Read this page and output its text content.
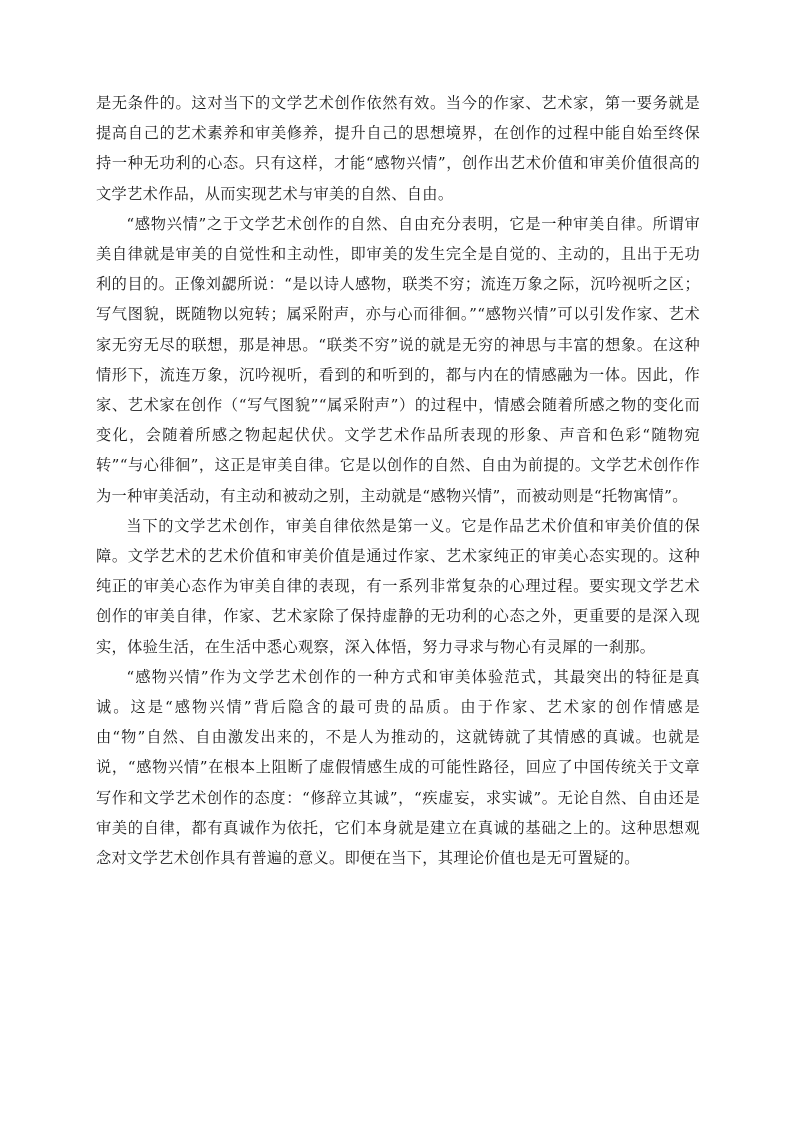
是无条件的。这对当下的文学艺术创作依然有效。当今的作家、艺术家，第一要务就是提高自己的艺术素养和审美修养，提升自己的思想境界，在创作的过程中能自始至终保持一种无功利的心态。只有这样，才能“感物兴情”，创作出艺术价值和审美价值很高的文学艺术作品，从而实现艺术与审美的自然、自由。

“感物兴情”之于文学艺术创作的自然、自由充分表明，它是一种审美自律。所谓审美自律就是审美的自觉性和主动性，即审美的发生完全是自觉的、主动的，且出于无功利的目的。正像刘勰所说：“是以诗人感物，联类不穷；流连万象之际，沉吟视听之区；写气图貌，既随物以宛转；属采附声，亦与心而徘徊。”“感物兴情”可以引发作家、艺术家无穷无尽的联想，那是神思。“联类不穷”说的就是无穷的神思与丰富的想象。在这种情形下，流连万象，沉吟视听，看到的和听到的，都与内在的情感融为一体。因此，作家、艺术家在创作（“写气图貌”“属采附声”）的过程中，情感会随着所感之物的变化而变化，会随着所感之物起起伏伏。文学艺术作品所表现的形象、声音和色彩“随物宛转”“与心徘徊”，这正是审美自律。它是以创作的自然、自由为前提的。文学艺术创作作为一种审美活动，有主动和被动之别，主动就是“感物兴情”，而被动则是“托物寓情”。

当下的文学艺术创作，审美自律依然是第一义。它是作品艺术价值和审美价值的保障。文学艺术的艺术价值和审美价值是通过作家、艺术家纯正的审美心态实现的。这种纯正的审美心态作为审美自律的表现，有一系列非常复杂的心理过程。要实现文学艺术创作的审美自律，作家、艺术家除了保持虚静的无功利的心态之外，更重要的是深入现实，体验生活，在生活中悉心观察，深入体悟，努力寻求与物心有灵犀的一刹那。

“感物兴情”作为文学艺术创作的一种方式和审美体验范式，其最突出的特征是真诚。这是“感物兴情”背后隐含的最可贵的品质。由于作家、艺术家的创作情感是由“物”自然、自由激发出来的，不是人为推动的，这就铸就了其情感的真诚。也就是说，“感物兴情”在根本上阻断了虚假情感生成的可能性路径，回应了中国传统关于文章写作和文学艺术创作的态度：“修辞立其诚”，“疾虚妄，求实诚”。无论自然、自由还是审美的自律，都有真诚作为依托，它们本身就是建立在真诚的基础之上的。这种思想观念对文学艺术创作具有普遍的意义。即便在当下，其理论价值也是无可置疑的。
